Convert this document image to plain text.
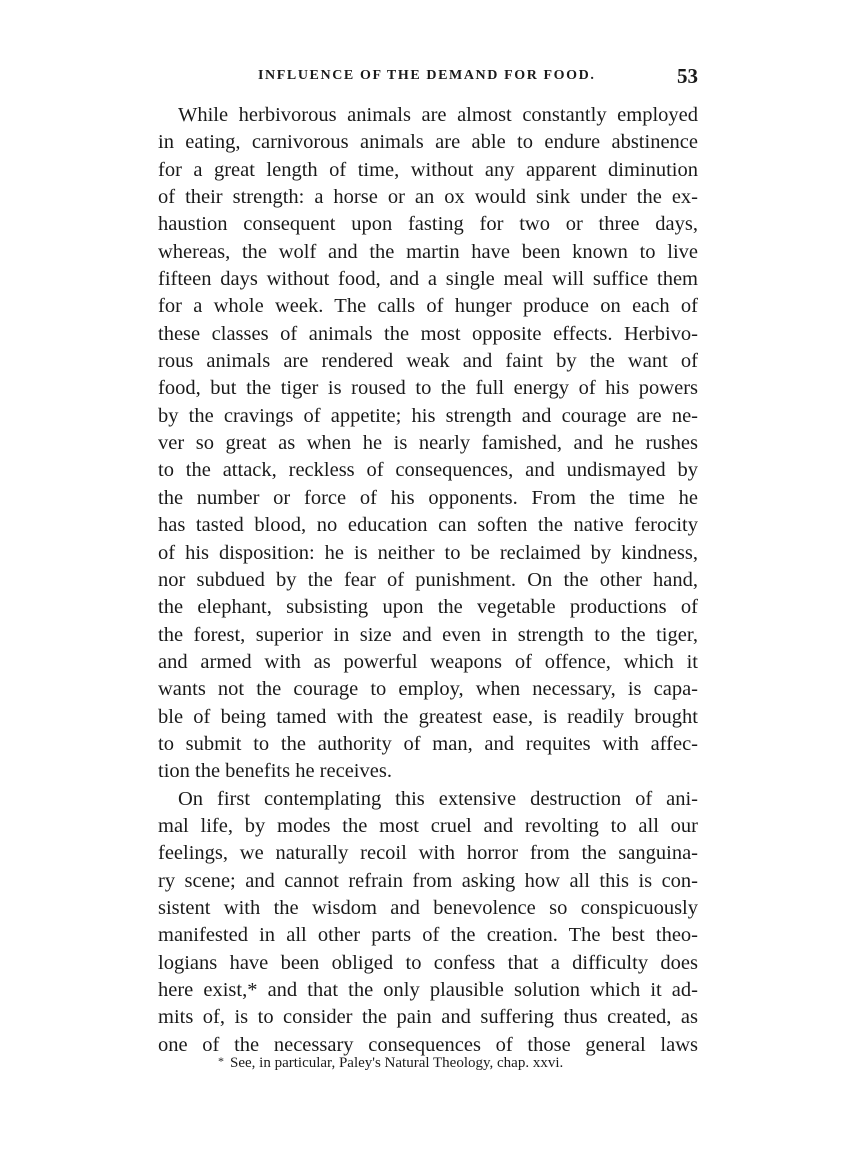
INFLUENCE OF THE DEMAND FOR FOOD.	53
While herbivorous animals are almost constantly employed
in eating, carnivorous animals are able to endure abstinence
for a great length of time, without any apparent diminution
of their strength: a horse or an ox would sink under the ex-
haustion consequent upon fasting for two or three days,
whereas, the wolf and the martin have been known to live
fifteen days without food, and a single meal will suffice them
for a whole week. The calls of hunger produce on each of
these classes of animals the most opposite effects. Herbivo-
rous animals are rendered weak and faint by the want of
food, but the tiger is roused to the full energy of his powers
by the cravings of appetite; his strength and courage are ne-
ver so great as when he is nearly famished, and he rushes
to the attack, reckless of consequences, and undismayed by
the number or force of his opponents. From the time he
has tasted blood, no education can soften the native ferocity
of his disposition: he is neither to be reclaimed by kindness,
nor subdued by the fear of punishment. On the other hand,
the elephant, subsisting upon the vegetable productions of
the forest, superior in size and even in strength to the tiger,
and armed with as powerful weapons of offence, which it
wants not the courage to employ, when necessary, is capa-
ble of being tamed with the greatest ease, is readily brought
to submit to the authority of man, and requites with affec-
tion the benefits he receives.
On first contemplating this extensive destruction of ani-
mal life, by modes the most cruel and revolting to all our
feelings, we naturally recoil with horror from the sanguina-
ry scene; and cannot refrain from asking how all this is con-
sistent with the wisdom and benevolence so conspicuously
manifested in all other parts of the creation. The best theo-
logians have been obliged to confess that a difficulty does
here exist,* and that the only plausible solution which it ad-
mits of, is to consider the pain and suffering thus created, as
one of the necessary consequences of those general laws
* See, in particular, Paley's Natural Theology, chap. xxvi.
